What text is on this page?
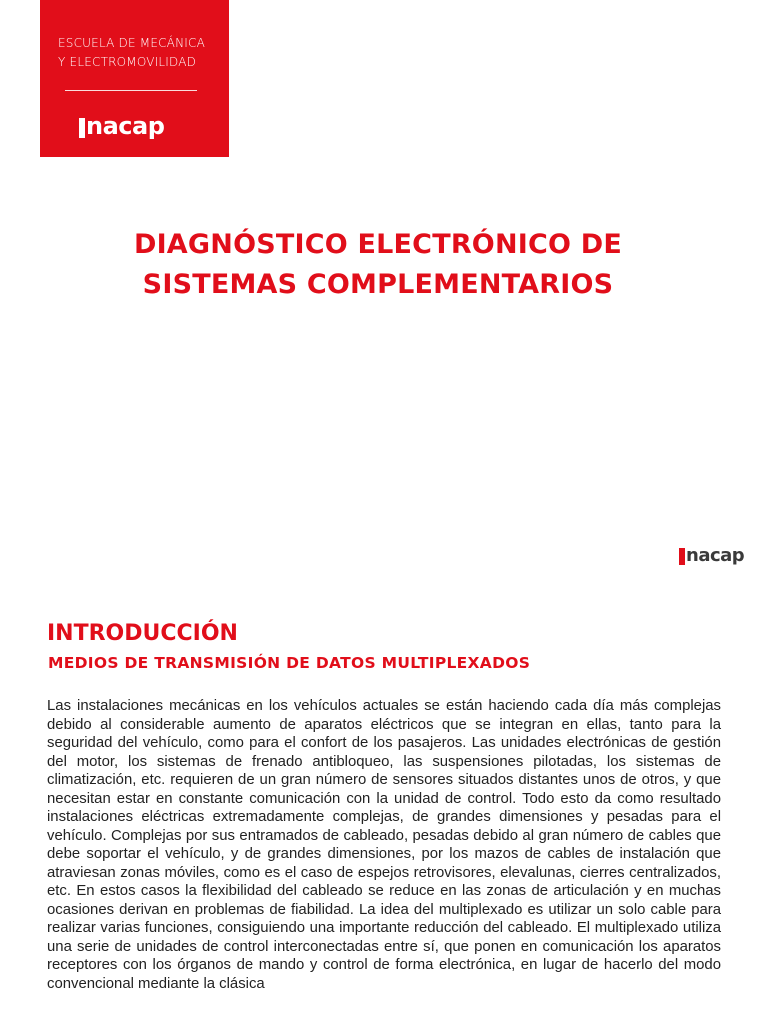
ESCUELA DE MECÁNICA
Y ELECTROMOVILIDAD
nacap
DIAGNÓSTICO ELECTRÓNICO DE
SISTEMAS COMPLEMENTARIOS
nacap
INTRODUCCIÓN
MEDIOS DE TRANSMISIÓN DE DATOS MULTIPLEXADOS

Las instalaciones mecánicas en los vehículos actuales se están haciendo cada día más complejas debido al considerable aumento de aparatos eléctricos que se integran en ellas, tanto para la seguridad del vehículo, como para el confort de los pasajeros. Las unidades electrónicas de gestión del motor, los sistemas de frenado antibloqueo, las suspensiones pilotadas, los sistemas de climatización, etc. requieren de un gran número de sensores situados distantes unos de otros, y que necesitan estar en constante comunicación con la unidad de control. Todo esto da como resultado instalaciones eléctricas extremadamente complejas, de grandes dimensiones y pesadas para el vehículo. Complejas por sus entramados de cableado, pesadas debido al gran número de cables que debe soportar el vehículo, y de grandes dimensiones, por los mazos de cables de instalación que atraviesan zonas móviles, como es el caso de espejos retrovisores, elevalunas, cierres centralizados, etc. En estos casos la flexibilidad del cableado se reduce en las zonas de articulación y en muchas ocasiones derivan en problemas de fiabilidad. La idea del multiplexado es utilizar un solo cable para realizar varias funciones, consiguiendo una importante reducción del cableado. El multiplexado utiliza una serie de unidades de control interconectadas entre sí, que ponen en comunicación los aparatos receptores con los órganos de mando y control de forma electrónica, en lugar de hacerlo del modo convencional mediante la clásica
